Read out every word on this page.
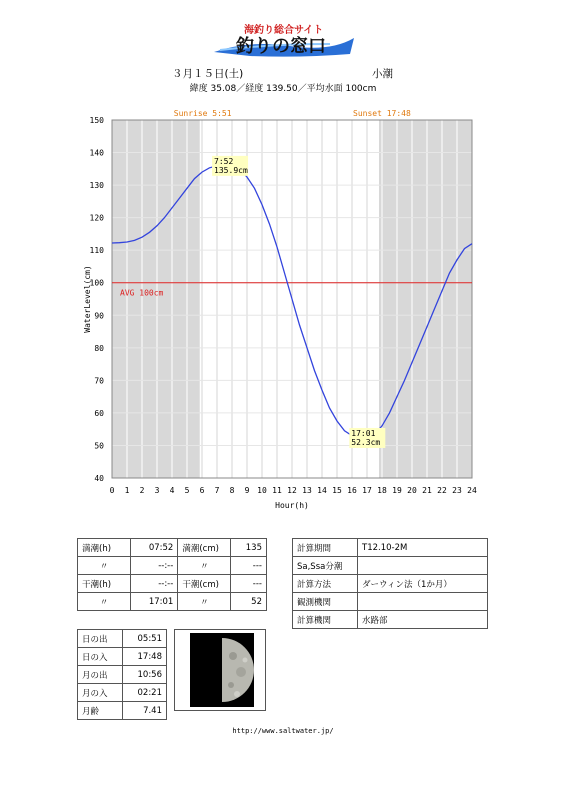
海釣り総合サイト
釣りの窓口
３月１５日(土)	小潮
緯度 35.08／経度 139.50／平均水面 100cm
0 1 2 3 4 5 6 7 8 9 10 11 12 13 14 15 16 17 18 19 20 21 22 23 24
40
50
60
70
80
90
100
110
120
130
140
150
7:52
135.9cm
17:01
52.3cm
Sunrise 5:51	Sunset 17:48
AVG 100cm
Hour(h)
WaterLevel(cm)
満潮(h)	07:52	満潮(cm)	135
〃	--:--	〃	---
干潮(h)	--:--	干潮(cm)	---
〃	17:01	〃	52
計算期間	T12.10-2M
Sa,Ssa分潮	
計算方法	ダーウィン法（1か月）
観測機関	
計算機関	水路部
日の出	05:51
日の入	17:48
月の出	10:56
月の入	02:21
月齢	7.41
http://www.saltwater.jp/
